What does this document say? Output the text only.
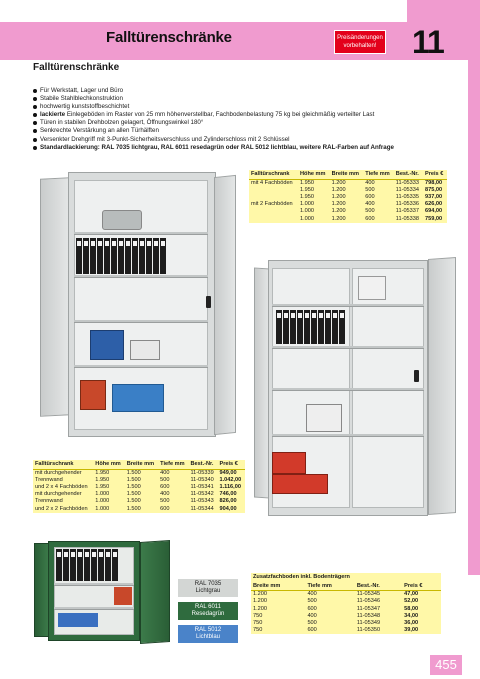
Falltürenschränke	Preisänderungen
vorbehalten! 11
Falltürenschränke
Für Werkstatt, Lager und Büro
Stabile Stahlblechkonstruktion
hochwertig kunststoffbeschichtet
lackierte Einlegeböden im Raster von 25 mm höhenverstellbar, Fachbodenbelastung 75 kg bei gleichmäßig verteilter Last
Türen in stabilen Drehbolzen gelagert, Öffnungswinkel 180°
Senkrechte Verstärkung an allen Türhälften
Versenkter Drehgriff mit 3-Punkt-Sicherheitsverschluss und Zylinderschloss mit 2 Schlüssel
Standardlackierung: RAL 7035 lichtgrau, RAL 6011 resedagrün oder RAL 5012 lichtblau, weitere RAL-Farben auf Anfrage
Falltürschrank	Höhe mm	Breite mm	Tiefe mm	Best.-Nr.	Preis €
mit 4 Fachböden	1.950	1.200	400	11-05333	798,00
	1.950	1.200	500	11-05334	875,00
	1.950	1.200	600	11-05335	937,00
mit 2 Fachböden	1.000	1.200	400	11-05336	626,00
	1.000	1.200	500	11-05337	694,00
	1.000	1.200	600	11-05338	759,00
Falltürschrank	Höhe mm	Breite mm	Tiefe mm	Best.-Nr.	Preis €
mit durchgehender	1.950	1.500	400	11-05339	949,00
Trennwand	1.950	1.500	500	11-05340	1.042,00
und 2 x 4 Fachböden	1.950	1.500	600	11-05341	1.116,00
mit durchgehender	1.000	1.500	400	11-05342	746,00
Trennwand	1.000	1.500	500	11-05343	826,00
und 2 x 2 Fachböden	1.000	1.500	600	11-05344	904,00
RAL 7035
Lichtgrau
RAL 6011
Resedagrün
RAL 5012
Lichtblau
Zusatzfachboden inkl. Bodenträgern			
Breite mm	Tiefe mm	Best.-Nr.	Preis €
1.200	400	11-05345	47,00
1.200	500	11-05346	52,00
1.200	600	11-05347	58,00
750	400	11-05348	34,00
750	500	11-05349	36,00
750	600	11-05350	39,00
455
